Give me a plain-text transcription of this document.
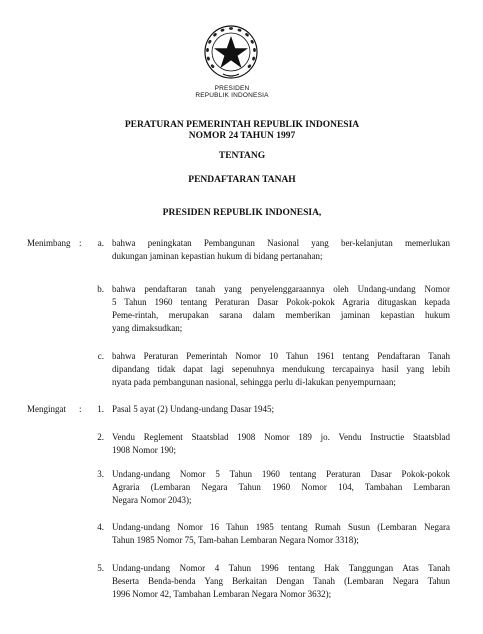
PRESIDEN
REPUBLIK INDONESIA
PERATURAN PEMERINTAH REPUBLIK INDONESIA
NOMOR 24 TAHUN 1997
TENTANG
PENDAFTARAN TANAH
PRESIDEN REPUBLIK INDONESIA,
Menimbang :	a. bahwa peningkatan Pembangunan Nasional yang ber-kelanjutan memerlukan
dukungan jaminan kepastian hukum di bidang pertanahan;
b. bahwa pendaftaran tanah yang penyelenggaraannya oleh Undang-undang Nomor
5 Tahun 1960 tentang Peraturan Dasar Pokok-pokok Agraria ditugaskan kepada
Peme-rintah, merupakan sarana dalam memberikan jaminan kepastian hukum
yang dimaksudkan;
c. bahwa Peraturan Pemerintah Nomor 10 Tahun 1961 tentang Pendaftaran Tanah
dipandang tidak dapat lagi sepenuhnya mendukung tercapainya hasil yang lebih
nyata pada pembangunan nasional, sehingga perlu di-lakukan penyempurnaan;
Mengingat :	1. Pasal 5 ayat (2) Undang-undang Dasar 1945;
2. Vendu Reglement Staatsblad 1908 Nomor 189 jo. Vendu Instructie Staatsblad
1908 Nomor 190;
3. Undang-undang Nomor 5 Tahun 1960 tentang Peraturan Dasar Pokok-pokok
Agraria (Lembaran Negara Tahun 1960 Nomor 104, Tambahan Lembaran
Negara Nomor 2043);
4. Undang-undang Nomor 16 Tahun 1985 tentang Rumah Susun (Lembaran Negara
Tahun 1985 Nomor 75, Tam-bahan Lembaran Negara Nomor 3318);
5. Undang-undang Nomor 4 Tahun 1996 tentang Hak Tanggungan Atas Tanah
Beserta Benda-benda Yang Berkaitan Dengan Tanah (Lembaran Negara Tahun
1996 Nomor 42, Tambahan Lembaran Negara Nomor 3632);
